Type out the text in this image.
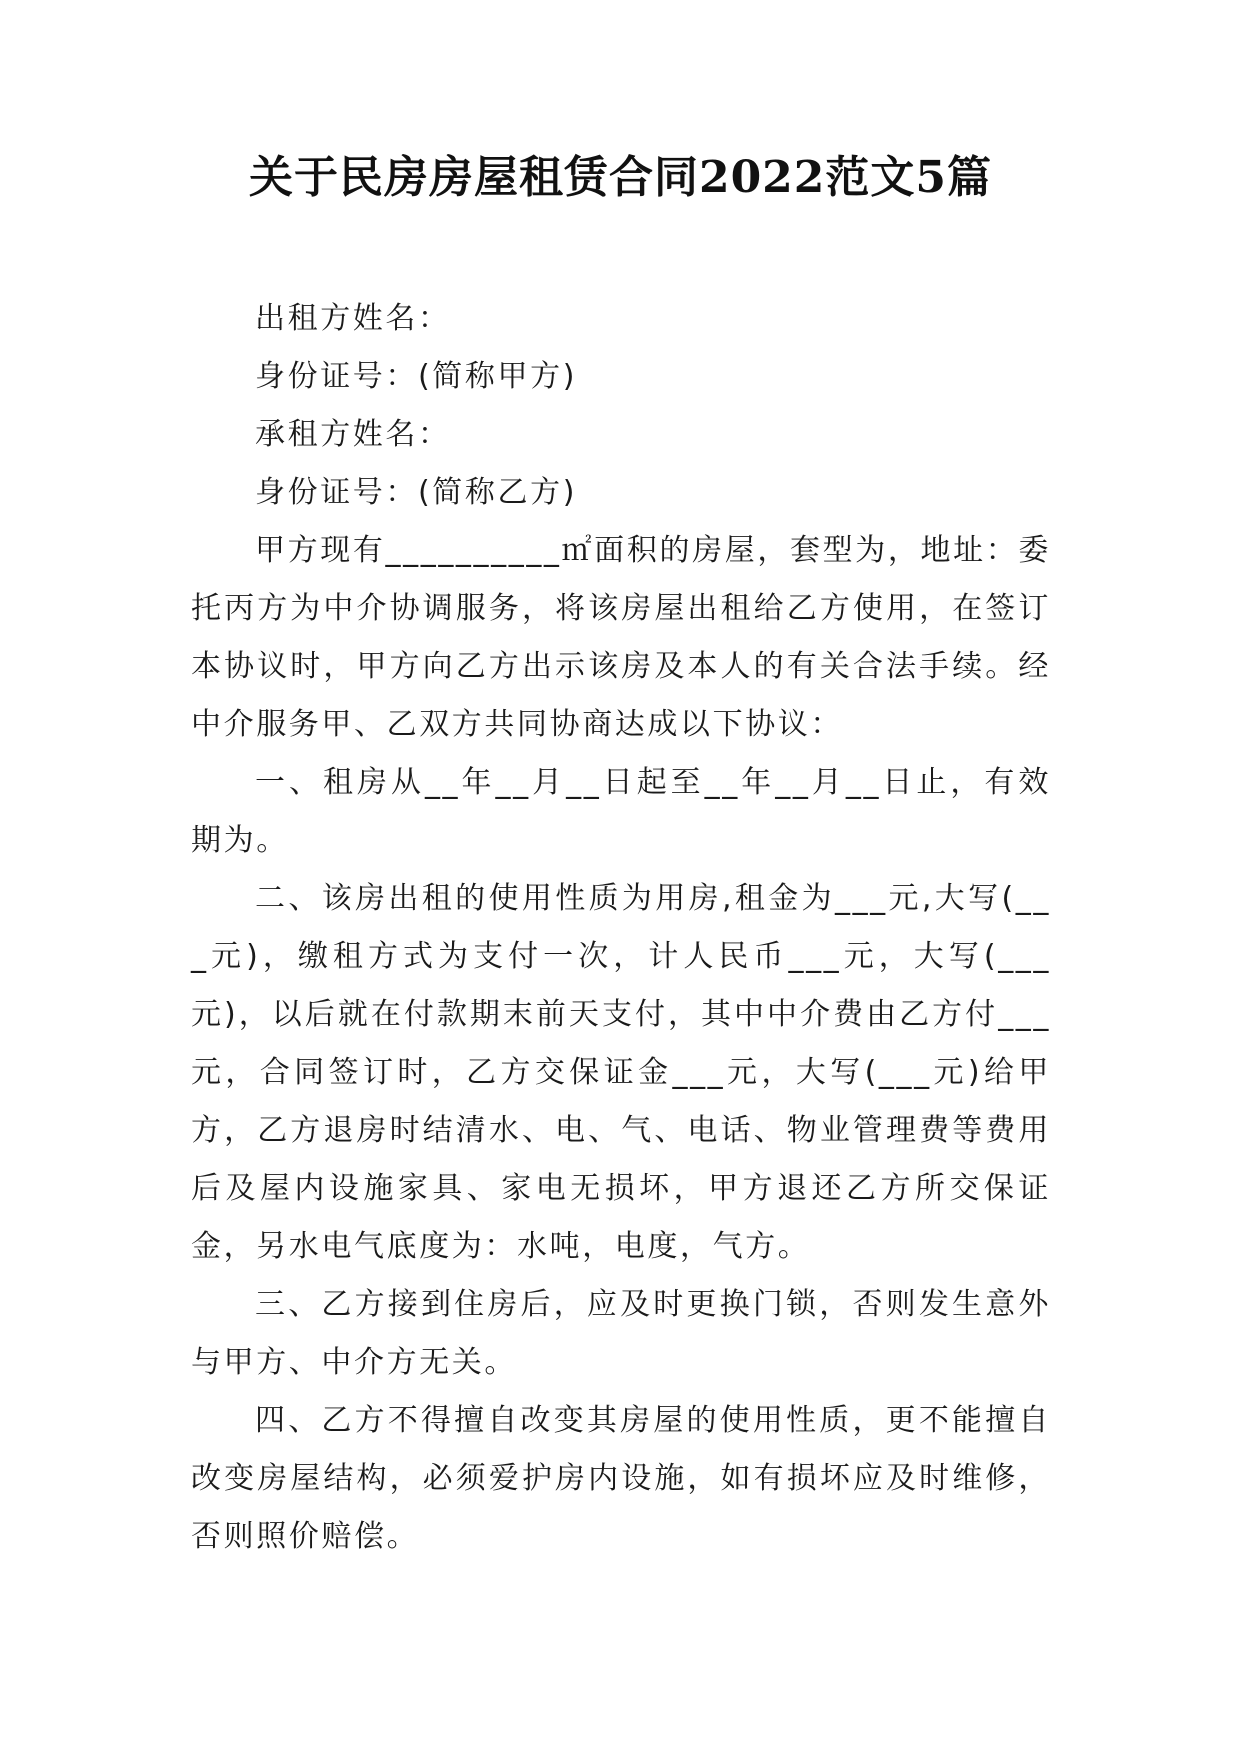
关于民房房屋租赁合同2022范文5篇

出租方姓名：

身份证号：(简称甲方)

承租方姓名：

身份证号：(简称乙方)

甲方现有__________㎡面积的房屋，套型为，地址：委托丙方为中介协调服务，将该房屋出租给乙方使用，在签订本协议时，甲方向乙方出示该房及本人的有关合法手续。经中介服务甲、乙双方共同协商达成以下协议：

一、租房从__年__月__日起至__年__月__日止，有效期为。

二、该房出租的使用性质为用房,租金为___元,大写(___元)，缴租方式为支付一次，计人民币___元，大写(___元)，以后就在付款期末前天支付，其中中介费由乙方付___元，合同签订时，乙方交保证金___元，大写(___元)给甲方，乙方退房时结清水、电、气、电话、物业管理费等费用后及屋内设施家具、家电无损坏，甲方退还乙方所交保证金，另水电气底度为：水吨，电度，气方。

三、乙方接到住房后，应及时更换门锁，否则发生意外与甲方、中介方无关。

四、乙方不得擅自改变其房屋的使用性质，更不能擅自改变房屋结构，必须爱护房内设施，如有损坏应及时维修，否则照价赔偿。
